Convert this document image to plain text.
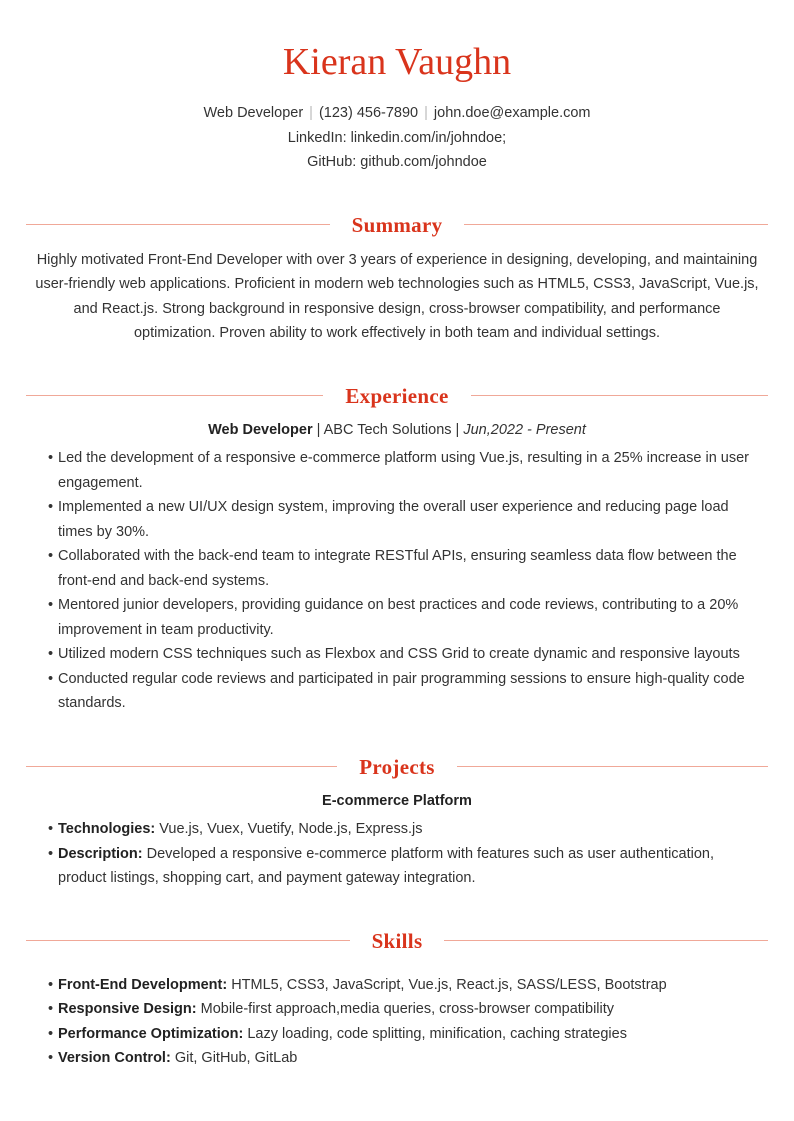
Kieran Vaughn
Web Developer | (123) 456-7890 | john.doe@example.com
LinkedIn: linkedin.com/in/johndoe;
GitHub: github.com/johndoe
Summary
Highly motivated Front-End Developer with over 3 years of experience in designing, developing, and maintaining user-friendly web applications. Proficient in modern web technologies such as HTML5, CSS3, JavaScript, Vue.js, and React.js. Strong background in responsive design, cross-browser compatibility, and performance optimization. Proven ability to work effectively in both team and individual settings.
Experience
Web Developer | ABC Tech Solutions | Jun,2022 - Present
• Led the development of a responsive e-commerce platform using Vue.js, resulting in a 25% increase in user engagement.
• Implemented a new UI/UX design system, improving the overall user experience and reducing page load times by 30%.
• Collaborated with the back-end team to integrate RESTful APIs, ensuring seamless data flow between the front-end and back-end systems.
• Mentored junior developers, providing guidance on best practices and code reviews, contributing to a 20% improvement in team productivity.
• Utilized modern CSS techniques such as Flexbox and CSS Grid to create dynamic and responsive layouts
• Conducted regular code reviews and participated in pair programming sessions to ensure high-quality code standards.
Projects
E-commerce Platform
• Technologies: Vue.js, Vuex, Vuetify, Node.js, Express.js
• Description: Developed a responsive e-commerce platform with features such as user authentication, product listings, shopping cart, and payment gateway integration.
Skills
• Front-End Development: HTML5, CSS3, JavaScript, Vue.js, React.js, SASS/LESS, Bootstrap
• Responsive Design: Mobile-first approach,media queries, cross-browser compatibility
• Performance Optimization: Lazy loading, code splitting, minification, caching strategies
• Version Control: Git, GitHub, GitLab
